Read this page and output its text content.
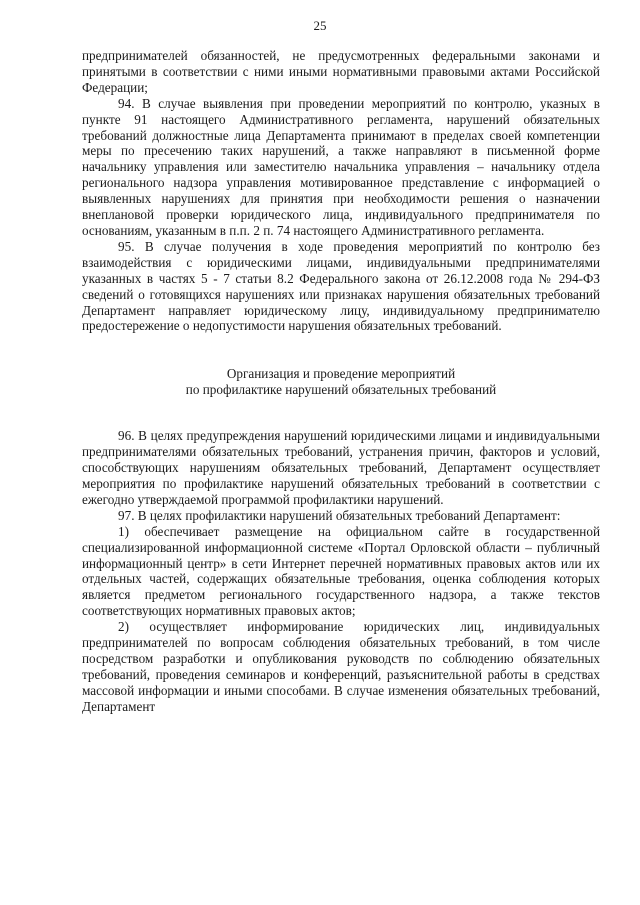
25

предпринимателей обязанностей, не предусмотренных федеральными законами и принятыми в соответствии с ними иными нормативными правовыми актами Российской Федерации;

94. В случае выявления при проведении мероприятий по контролю, указных в пункте 91 настоящего Административного регламента, нарушений обязательных требований должностные лица Департамента принимают в пределах своей компетенции меры по пресечению таких нарушений, а также направляют в письменной форме начальнику управления или заместителю начальника управления – начальнику отдела регионального надзора управления мотивированное представление с информацией о выявленных нарушениях для принятия при необходимости решения о назначении внеплановой проверки юридического лица, индивидуального предпринимателя по основаниям, указанным в п.п. 2 п. 74 настоящего Административного регламента.

95. В случае получения в ходе проведения мероприятий по контролю без взаимодействия с юридическими лицами, индивидуальными предпринимателями указанных в частях 5 - 7 статьи 8.2 Федерального закона от 26.12.2008 года № 294-ФЗ сведений о готовящихся нарушениях или признаках нарушения обязательных требований Департамент направляет юридическому лицу, индивидуальному предпринимателю предостережение о недопустимости нарушения обязательных требований.

Организация и проведение мероприятий
по профилактике нарушений обязательных требований

96. В целях предупреждения нарушений юридическими лицами и индивидуальными предпринимателями обязательных требований, устранения причин, факторов и условий, способствующих нарушениям обязательных требований, Департамент осуществляет мероприятия по профилактике нарушений обязательных требований в соответствии с ежегодно утверждаемой программой профилактики нарушений.

97. В целях профилактики нарушений обязательных требований Департамент:

1) обеспечивает размещение на официальном сайте в государственной специализированной информационной системе «Портал Орловской области – публичный информационный центр» в сети Интернет перечней нормативных правовых актов или их отдельных частей, содержащих обязательные требования, оценка соблюдения которых является предметом регионального государственного надзора, а также текстов соответствующих нормативных правовых актов;

2) осуществляет информирование юридических лиц, индивидуальных предпринимателей по вопросам соблюдения обязательных требований, в том числе посредством разработки и опубликования руководств по соблюдению обязательных требований, проведения семинаров и конференций, разъяснительной работы в средствах массовой информации и иными способами. В случае изменения обязательных требований, Департамент
